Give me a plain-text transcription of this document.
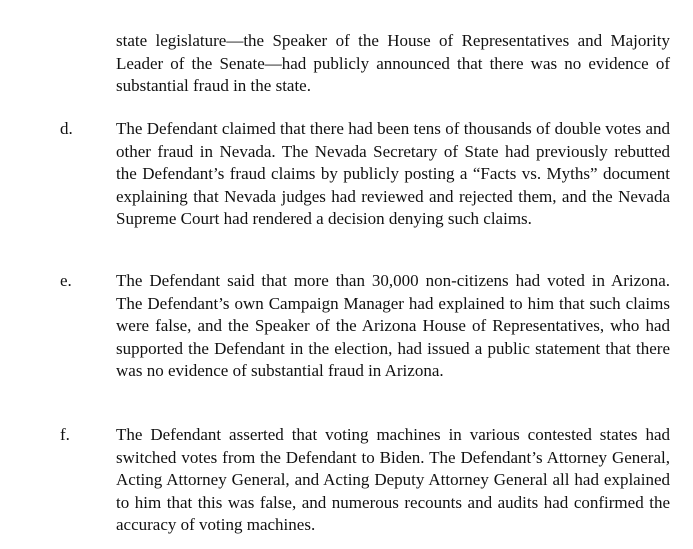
state legislature—the Speaker of the House of Representatives and Majority Leader of the Senate—had publicly announced that there was no evidence of substantial fraud in the state.

d.	The Defendant claimed that there had been tens of thousands of double votes and other fraud in Nevada. The Nevada Secretary of State had previously rebutted the Defendant’s fraud claims by publicly posting a “Facts vs. Myths” document explaining that Nevada judges had reviewed and rejected them, and the Nevada Supreme Court had rendered a decision denying such claims.

e.	The Defendant said that more than 30,000 non-citizens had voted in Arizona. The Defendant’s own Campaign Manager had explained to him that such claims were false, and the Speaker of the Arizona House of Representatives, who had supported the Defendant in the election, had issued a public statement that there was no evidence of substantial fraud in Arizona.

f.	The Defendant asserted that voting machines in various contested states had switched votes from the Defendant to Biden. The Defendant’s Attorney General, Acting Attorney General, and Acting Deputy Attorney General all had explained to him that this was false, and numerous recounts and audits had confirmed the accuracy of voting machines.
